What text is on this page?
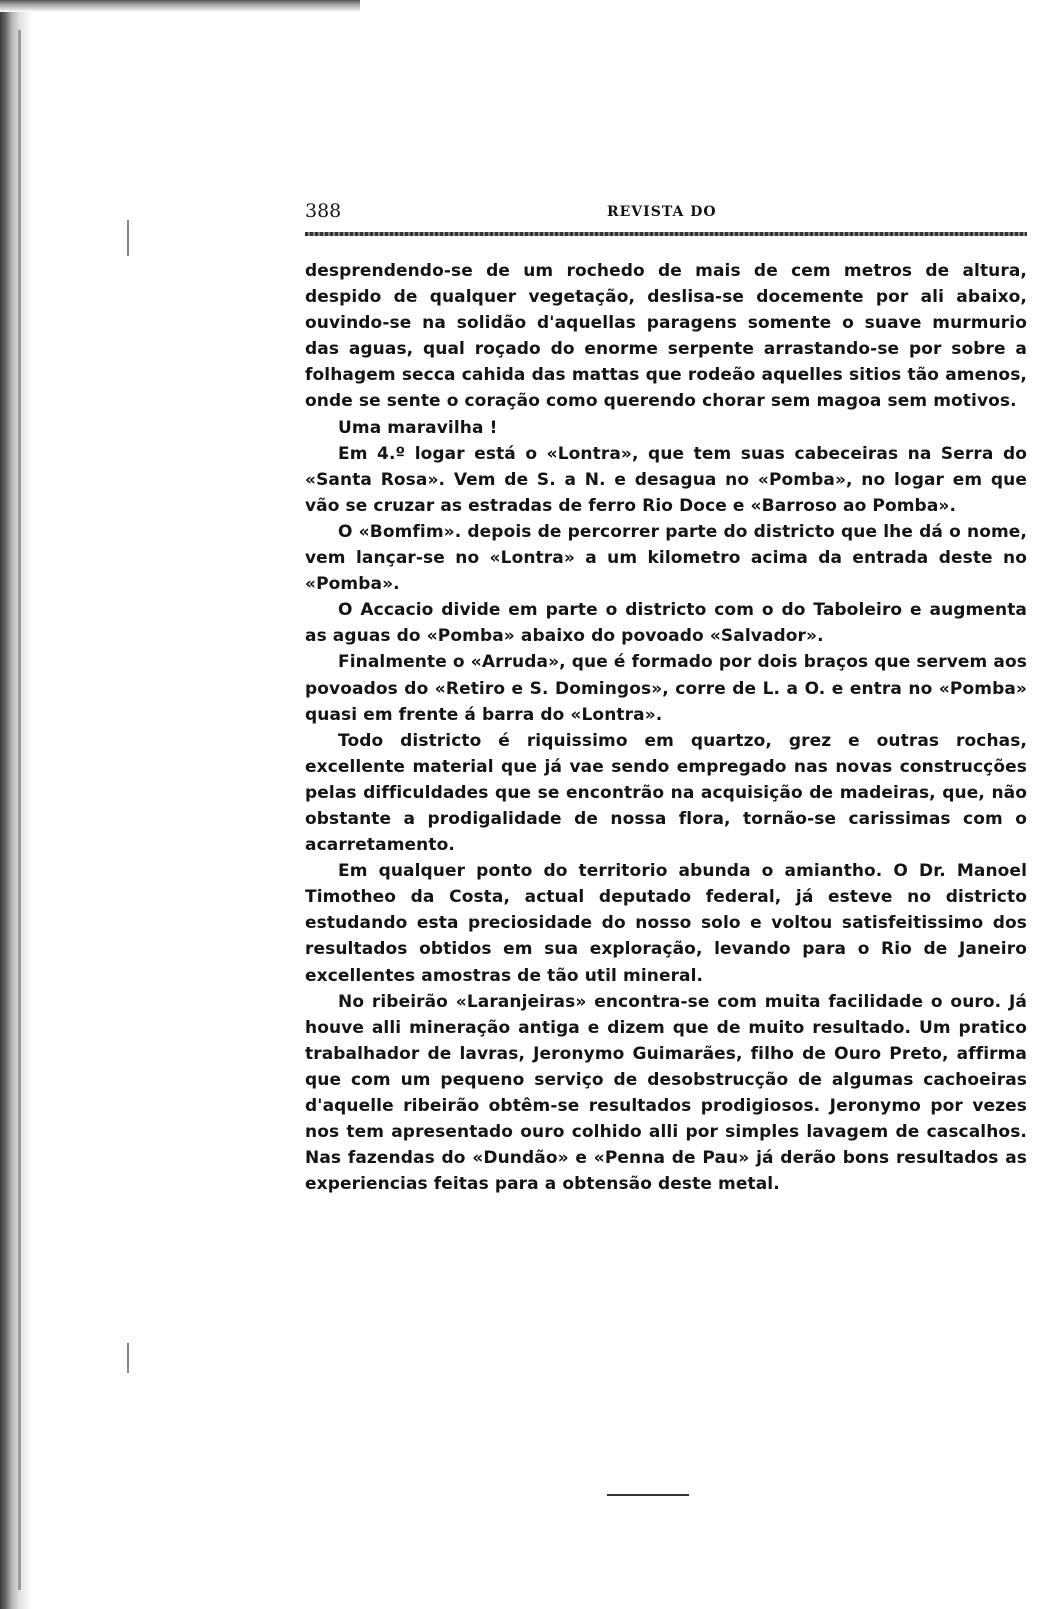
388	REVISTA DO

desprendendo-se de um rochedo de mais de cem metros de altura, despido de qualquer vegetação, deslisa-se docemente por ali abaixo, ouvindo-se na solidão d'aquellas paragens somente o suave murmurio das aguas, qual roçado do enorme serpente arrastando-se por sobre a folhagem secca cahida das mattas que rodeão aquelles sitios tão amenos, onde se sente o coração como querendo chorar sem magoa sem motivos.

Uma maravilha !

Em 4.º logar está o «Lontra», que tem suas cabeceiras na Serra do «Santa Rosa». Vem de S. a N. e desagua no «Pomba», no logar em que vão se cruzar as estradas de ferro Rio Doce e «Barroso ao Pomba».

O «Bomfim». depois de percorrer parte do districto que lhe dá o nome, vem lançar-se no «Lontra» a um kilometro acima da entrada deste no «Pomba».

O Accacio divide em parte o districto com o do Taboleiro e augmenta as aguas do «Pomba» abaixo do povoado «Salvador».

Finalmente o «Arruda», que é formado por dois braços que servem aos povoados do «Retiro e S. Domingos», corre de L. a O. e entra no «Pomba» quasi em frente á barra do «Lontra».

Todo districto é riquissimo em quartzo, grez e outras rochas, excellente material que já vae sendo empregado nas novas construcções pelas difficuldades que se encontrão na acquisição de madeiras, que, não obstante a prodigalidade de nossa flora, tornão-se carissimas com o acarretamento.

Em qualquer ponto do territorio abunda o amiantho. O Dr. Manoel Timotheo da Costa, actual deputado federal, já esteve no districto estudando esta preciosidade do nosso solo e voltou satisfeitissimo dos resultados obtidos em sua exploração, levando para o Rio de Janeiro excellentes amostras de tão util mineral.

No ribeirão «Laranjeiras» encontra-se com muita facilidade o ouro. Já houve alli mineração antiga e dizem que de muito resultado. Um pratico trabalhador de lavras, Jeronymo Guimarães, filho de Ouro Preto, affirma que com um pequeno serviço de desobstrucção de algumas cachoeiras d'aquelle ribeirão obtêm-se resultados prodigiosos. Jeronymo por vezes nos tem apresentado ouro colhido alli por simples lavagem de cascalhos. Nas fazendas do «Dundão» e «Penna de Pau» já derão bons resultados as experiencias feitas para a obtensão deste metal.
